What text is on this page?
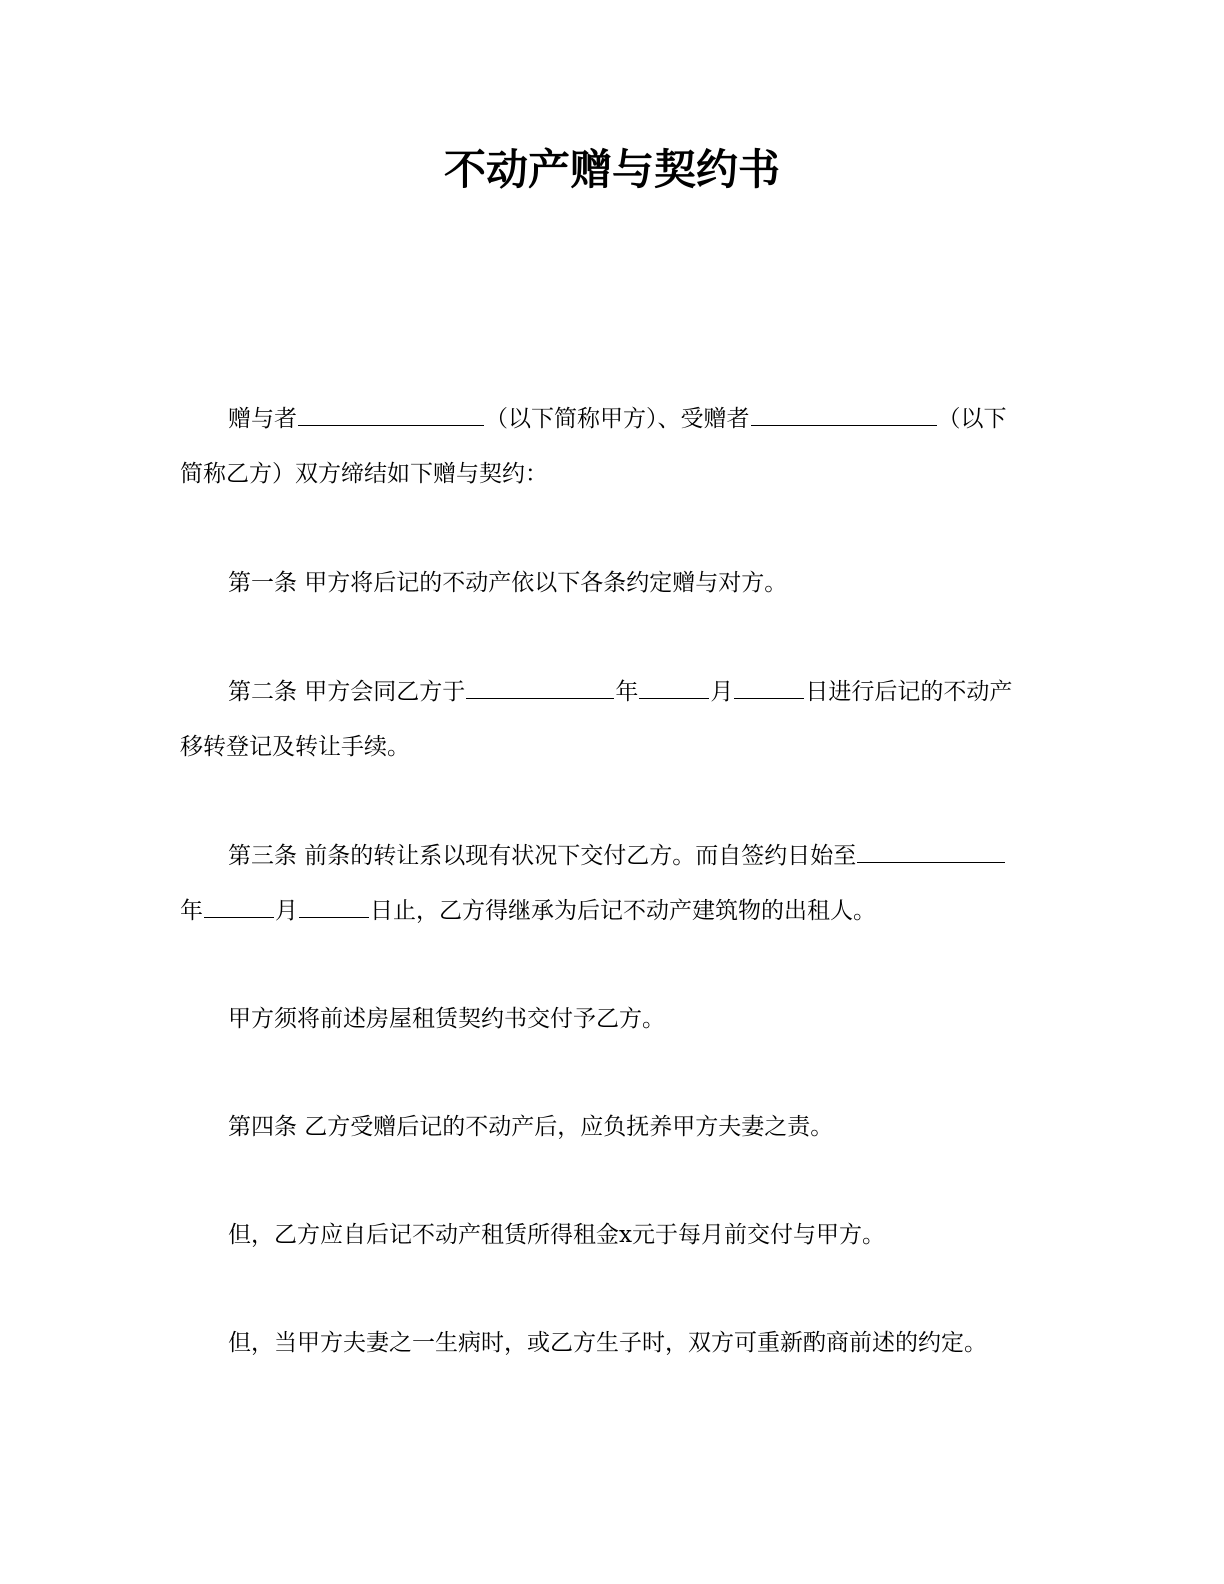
不动产赠与契约书
赠与者	（以下简称甲方）、受赠者	（以下
简称乙方）双方缔结如下赠与契约：
第一条 甲方将后记的不动产依以下各条约定赠与对方。
第二条 甲方会同乙方于	年	月	日进行后记的不动产
移转登记及转让手续。
第三条 前条的转让系以现有状况下交付乙方。而自签约日始至
年	月	日止，乙方得继承为后记不动产建筑物的出租人。
甲方须将前述房屋租赁契约书交付予乙方。
第四条 乙方受赠后记的不动产后，应负抚养甲方夫妻之责。
但，乙方应自后记不动产租赁所得租金x元于每月前交付与甲方。
但，当甲方夫妻之一生病时，或乙方生子时，双方可重新酌商前述的约定。
